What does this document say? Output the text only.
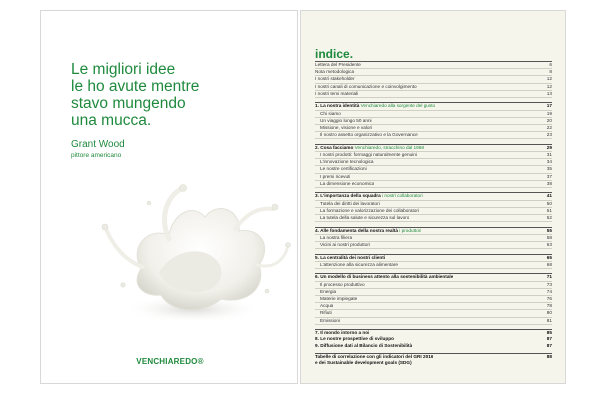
Le migliori idee
le ho avute mentre
stavo mungendo
una mucca.

Grant Wood

pittore americano

VENCHIAREDO®
indice.
Lettera del Presidente	6
Nota metodologica	8
I nostri stakeholder	12
I nostri canali di comunicazione e coinvolgimento	12
I nostri temi materiali	13
1. La nostra identità Venchiaredo alla sorgente del gusto	17
Chi siamo	19
Un viaggio lungo 50 anni	20
Missione, visione e valori	22
Il nostro assetto organizzativo e la Governance	23
2. Cosa facciamo Venchiaredo, stracchino dal 1968	29
I nostri prodotti: formaggi naturalmente genuini	31
L'innovazione tecnologica	34
Le nostre certificazioni	35
I premi ricevuti	37
La dimensione economica	38
3. L'importanza della squadra i nostri collaboratori	41
Tutela dei diritti dei lavoratori	50
La formazione e valorizzazione dei collaboratori	51
La tutela della salute e sicurezza sul lavoro	52
4. Alle fondamenta della nostra realtà i produttori	55
La nostra filiera	58
Vicini ai nostri produttori	63
5. La centralità dei nostri clienti	65
L'attenzione alla sicurezza alimentare	68
6. Un modello di business attento alla sostenibilità ambientale	71
Il processo produttivo	73
Energia	74
Materie impiegate	76
Acqua	78
Rifiuti	80
Emissioni	81
7. Il mondo intorno a noi	85
8. Le nostre prospettive di sviluppo	87
9. Diffusione dati al Bilancio di Sostenibilità	87
Tabelle di correlazione con gli indicatori del GRI 2016
e dei Sustainable development goals (SDG)
88
